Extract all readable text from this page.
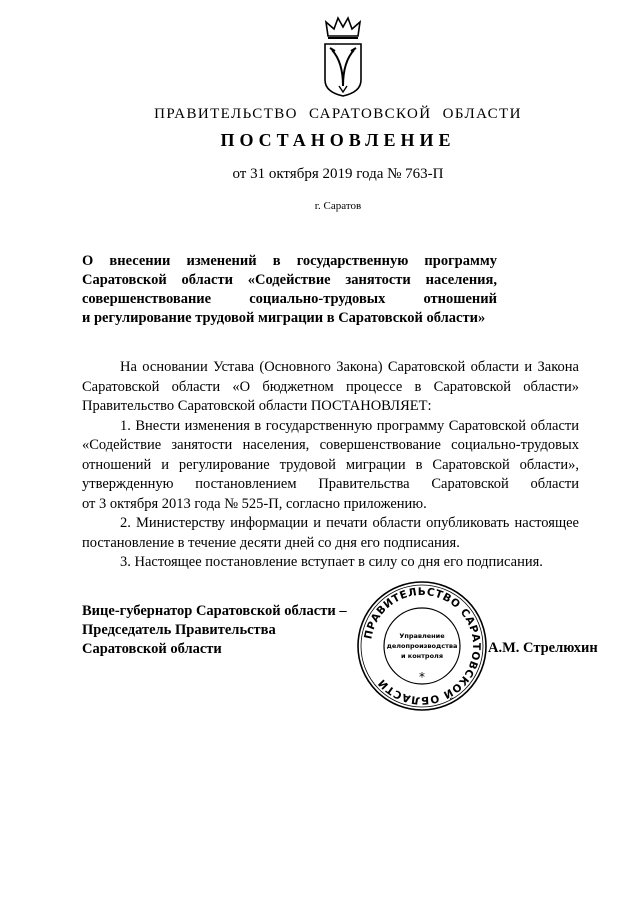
ПРАВИТЕЛЬСТВО САРАТОВСКОЙ ОБЛАСТИ
ПОСТАНОВЛЕНИЕ
от 31 октября 2019 года № 763-П
г. Саратов
О внесении изменений в государственную программу
Саратовской области «Содействие занятости населения,
совершенствование социально-трудовых отношений
и регулирование трудовой миграции в Саратовской области»

На основании Устава (Основного Закона) Саратовской области и Закона Саратовской области «О бюджетном процессе в Саратовской области»

Правительство Саратовской области ПОСТАНОВЛЯЕТ:

1. Внести изменения в государственную программу Саратовской области «Содействие занятости населения, совершенствование социально-трудовых отношений и регулирование трудовой миграции в Саратовской области», утвержденную постановлением Правительства Саратовской области

от 3 октября 2013 года № 525-П, согласно приложению.

2. Министерству информации и печати области опубликовать настоящее постановление в течение десяти дней со дня его подписания.

3. Настоящее постановление вступает в силу со дня его подписания.

Вице-губернатор Саратовской области –
Председатель Правительства
Саратовской области
ПРАВИТЕЛЬСТВО САРАТОВСКОЙ ОБЛАСТИ
Управление
делопроизводства
и контроля
*
А.М. Стрелюхин
